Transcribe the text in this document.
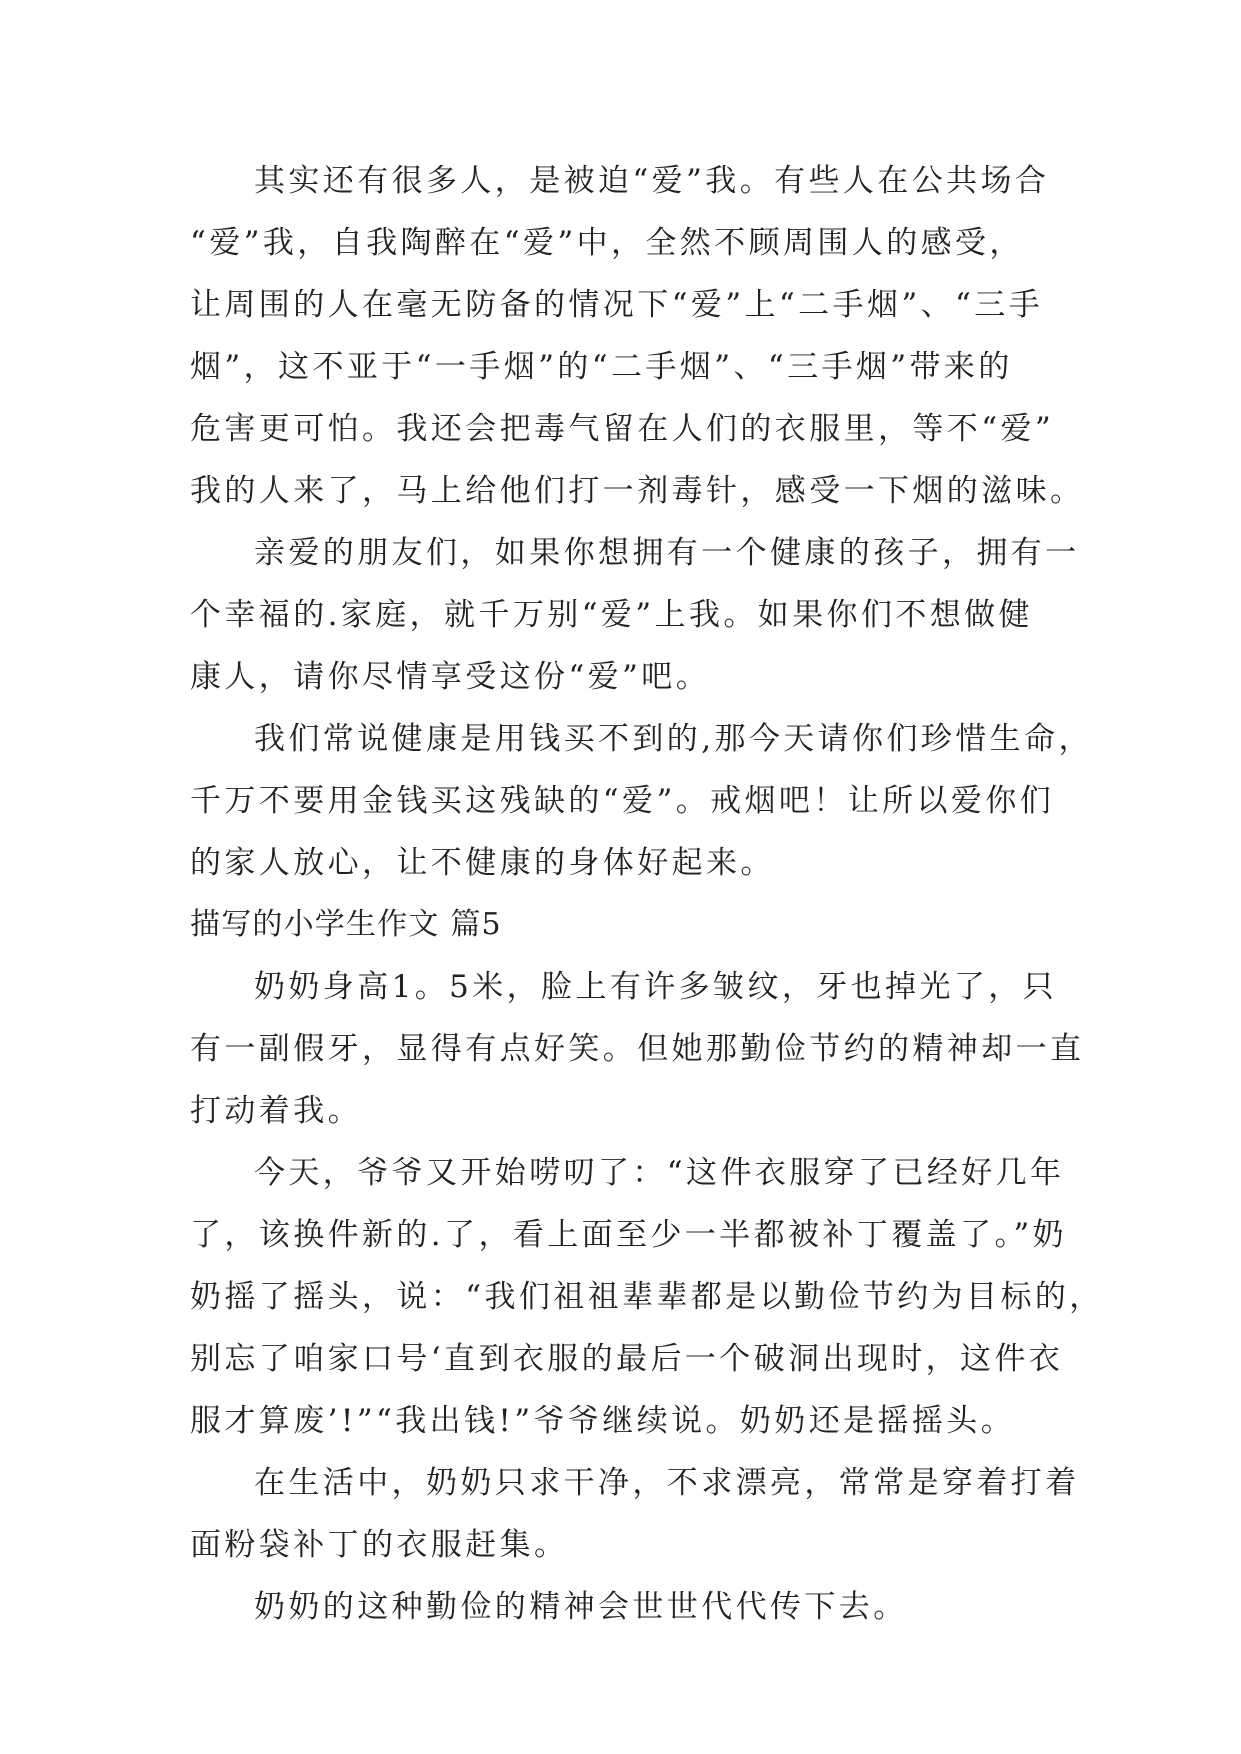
其实还有很多人，是被迫“爱”我。有些人在公共场合
“爱”我，自我陶醉在“爱”中，全然不顾周围人的感受，
让周围的人在毫无防备的情况下“爱”上“二手烟”、“三手
烟”，这不亚于“一手烟”的“二手烟”、“三手烟”带来的
危害更可怕。我还会把毒气留在人们的衣服里，等不“爱”
我的人来了，马上给他们打一剂毒针，感受一下烟的滋味。
亲爱的朋友们，如果你想拥有一个健康的孩子，拥有一
个幸福的.家庭，就千万别“爱”上我。如果你们不想做健
康人，请你尽情享受这份“爱”吧。
我们常说健康是用钱买不到的,那今天请你们珍惜生命，
千万不要用金钱买这残缺的“爱”。戒烟吧！让所以爱你们
的家人放心，让不健康的身体好起来。
描写的小学生作文 篇5
奶奶身高1。5米，脸上有许多皱纹，牙也掉光了，只
有一副假牙，显得有点好笑。但她那勤俭节约的精神却一直
打动着我。
今天，爷爷又开始唠叨了：“这件衣服穿了已经好几年
了，该换件新的.了，看上面至少一半都被补丁覆盖了。”奶
奶摇了摇头，说：“我们祖祖辈辈都是以勤俭节约为目标的，
别忘了咱家口号‘直到衣服的最后一个破洞出现时，这件衣
服才算废’!”“我出钱!”爷爷继续说。奶奶还是摇摇头。
在生活中，奶奶只求干净，不求漂亮，常常是穿着打着
面粉袋补丁的衣服赶集。
奶奶的这种勤俭的精神会世世代代传下去。
